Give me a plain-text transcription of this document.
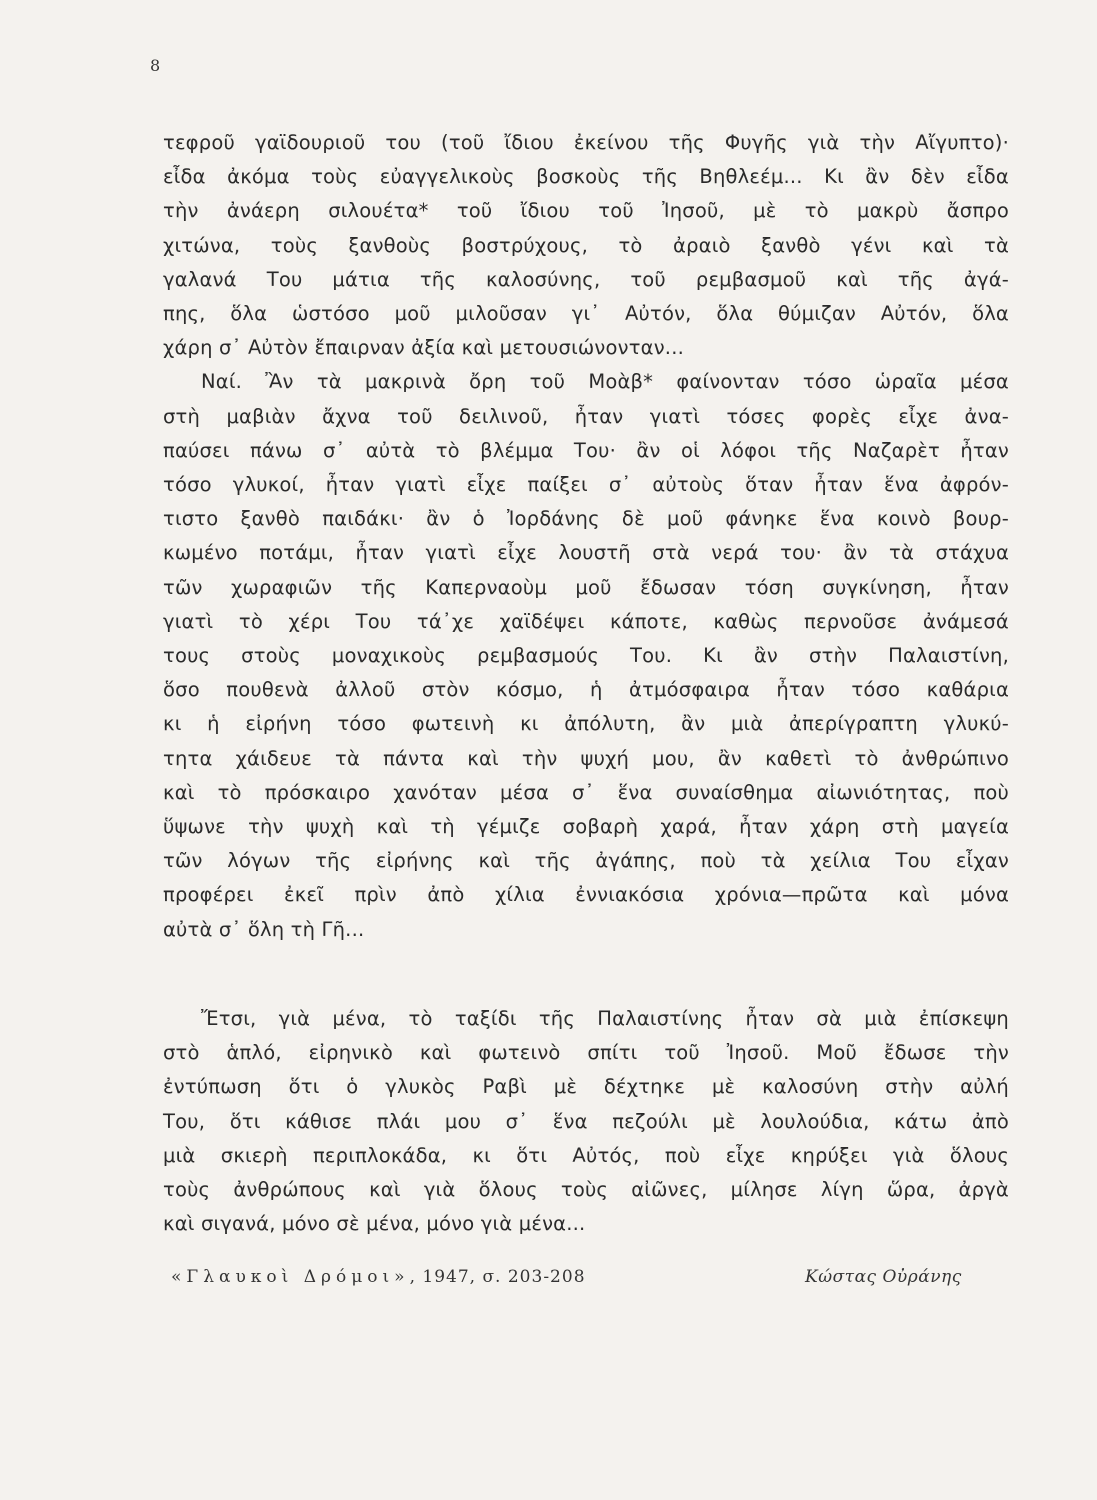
8
τεφροῦ γαϊδουριοῦ του (τοῦ ἴδιου ἐκείνου τῆς Φυγῆς γιὰ τὴν Αἴγυπτο)·
εἶδα ἀκόμα τοὺς εὐαγγελικοὺς βοσκοὺς τῆς Βηθλεέμ... Κι ἂν δὲν εἶδα
τὴν ἀνάερη σιλουέτα* τοῦ ἴδιου τοῦ Ἰησοῦ, μὲ τὸ μακρὺ ἄσπρο
χιτώνα, τοὺς ξανθοὺς βοστρύχους, τὸ ἀραιὸ ξανθὸ γένι καὶ τὰ
γαλανά Του μάτια τῆς καλοσύνης, τοῦ ρεμβασμοῦ καὶ τῆς ἀγά-
πης, ὅλα ὡστόσο μοῦ μιλοῦσαν γι᾽ Αὐτόν, ὅλα θύμιζαν Αὐτόν, ὅλα
χάρη σ᾽ Αὐτὸν ἔπαιρναν ἀξία καὶ μετουσιώνονταν...
Ναί. Ἂν τὰ μακρινὰ ὄρη τοῦ Μοὰβ* φαίνονταν τόσο ὡραῖα μέσα
στὴ μαβιὰν ἄχνα τοῦ δειλινοῦ, ἦταν γιατὶ τόσες φορὲς εἶχε ἀνα-
παύσει πάνω σ᾽ αὐτὰ τὸ βλέμμα Του· ἂν οἱ λόφοι τῆς Ναζαρὲτ ἦταν
τόσο γλυκοί, ἦταν γιατὶ εἶχε παίξει σ᾽ αὐτοὺς ὅταν ἦταν ἕνα ἀφρόν-
τιστο ξανθὸ παιδάκι· ἂν ὁ Ἰορδάνης δὲ μοῦ φάνηκε ἕνα κοινὸ βουρ-
κωμένο ποτάμι, ἦταν γιατὶ εἶχε λουστῆ στὰ νερά του· ἂν τὰ στάχυα
τῶν χωραφιῶν τῆς Καπερναοὺμ μοῦ ἔδωσαν τόση συγκίνηση, ἦταν
γιατὶ τὸ χέρι Του τά᾽χε χαϊδέψει κάποτε, καθὼς περνοῦσε ἀνάμεσά
τους στοὺς μοναχικοὺς ρεμβασμούς Του. Κι ἂν στὴν Παλαιστίνη,
ὅσο πουθενὰ ἀλλοῦ στὸν κόσμο, ἡ ἀτμόσφαιρα ἦταν τόσο καθάρια
κι ἡ εἰρήνη τόσο φωτεινὴ κι ἀπόλυτη, ἂν μιὰ ἀπερίγραπτη γλυκύ-
τητα χάιδευε τὰ πάντα καὶ τὴν ψυχή μου, ἂν καθετὶ τὸ ἀνθρώπινο
καὶ τὸ πρόσκαιρο χανόταν μέσα σ᾽ ἕνα συναίσθημα αἰωνιότητας, ποὺ
ὕψωνε τὴν ψυχὴ καὶ τὴ γέμιζε σοβαρὴ χαρά, ἦταν χάρη στὴ μαγεία
τῶν λόγων τῆς εἰρήνης καὶ τῆς ἀγάπης, ποὺ τὰ χείλια Του εἶχαν
προφέρει ἐκεῖ πρὶν ἀπὸ χίλια ἐννιακόσια χρόνια—πρῶτα καὶ μόνα
αὐτὰ σ᾽ ὅλη τὴ Γῆ...
Ἔτσι, γιὰ μένα, τὸ ταξίδι τῆς Παλαιστίνης ἦταν σὰ μιὰ ἐπίσκεψη
στὸ ἁπλό, εἰρηνικὸ καὶ φωτεινὸ σπίτι τοῦ Ἰησοῦ. Μοῦ ἔδωσε τὴν
ἐντύπωση ὅτι ὁ γλυκὸς Ραβὶ μὲ δέχτηκε μὲ καλοσύνη στὴν αὐλή
Του, ὅτι κάθισε πλάι μου σ᾽ ἕνα πεζούλι μὲ λουλούδια, κάτω ἀπὸ
μιὰ σκιερὴ περιπλοκάδα, κι ὅτι Αὐτός, ποὺ εἶχε κηρύξει γιὰ ὅλους
τοὺς ἀνθρώπους καὶ γιὰ ὅλους τοὺς αἰῶνες, μίλησε λίγη ὥρα, ἀργὰ
καὶ σιγανά, μόνο σὲ μένα, μόνο γιὰ μένα...
«Γλαυκοὶ Δρόμοι», 1947, σ. 203-208	Κώστας Οὐράνης
